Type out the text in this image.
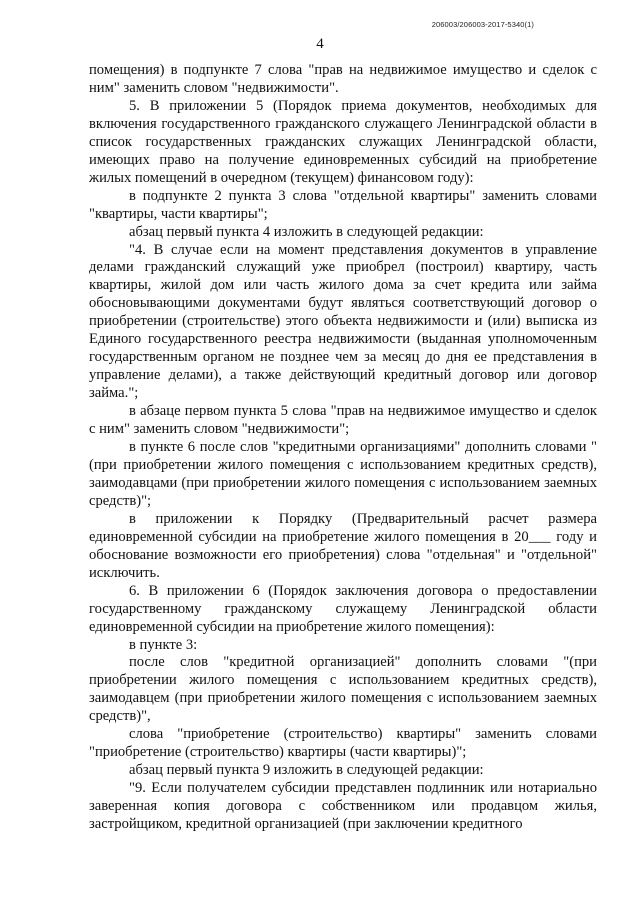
206003/206003-2017-5340(1)
4

помещения) в подпункте 7 слова "прав на недвижимое имущество и сделок с ним" заменить словом "недвижимости".

5. В приложении 5 (Порядок приема документов, необходимых для включения государственного гражданского служащего Ленинградской области в список государственных гражданских служащих Ленинградской области, имеющих право на получение единовременных субсидий на приобретение жилых помещений в очередном (текущем) финансовом году):

в подпункте 2 пункта 3 слова "отдельной квартиры" заменить словами "квартиры, части квартиры";

абзац первый пункта 4 изложить в следующей редакции:

"4. В случае если на момент представления документов в управление делами гражданский служащий уже приобрел (построил) квартиру, часть квартиры, жилой дом или часть жилого дома за счет кредита или займа обосновывающими документами будут являться соответствующий договор о приобретении (строительстве) этого объекта недвижимости и (или) выписка из Единого государственного реестра недвижимости (выданная уполномоченным государственным органом не позднее чем за месяц до дня ее представления в управление делами), а также действующий кредитный договор или договор займа.";

в абзаце первом пункта 5 слова "прав на недвижимое имущество и сделок с ним" заменить словом "недвижимости";

в пункте 6 после слов "кредитными организациями" дополнить словами "(при приобретении жилого помещения с использованием кредитных средств), заимодавцами (при приобретении жилого помещения с использованием заемных средств)";

в приложении к Порядку (Предварительный расчет размера единовременной субсидии на приобретение жилого помещения в 20___ году и обоснование возможности его приобретения) слова "отдельная" и "отдельной" исключить.

6. В приложении 6 (Порядок заключения договора о предоставлении государственному гражданскому служащему Ленинградской области единовременной субсидии на приобретение жилого помещения):

в пункте 3:

после слов "кредитной организацией" дополнить словами "(при приобретении жилого помещения с использованием кредитных средств), заимодавцем (при приобретении жилого помещения с использованием заемных средств)",

слова "приобретение (строительство) квартиры" заменить словами "приобретение (строительство) квартиры (части квартиры)";

абзац первый пункта 9 изложить в следующей редакции:

"9. Если получателем субсидии представлен подлинник или нотариально заверенная копия договора с собственником или продавцом жилья, застройщиком, кредитной организацией (при заключении кредитного
